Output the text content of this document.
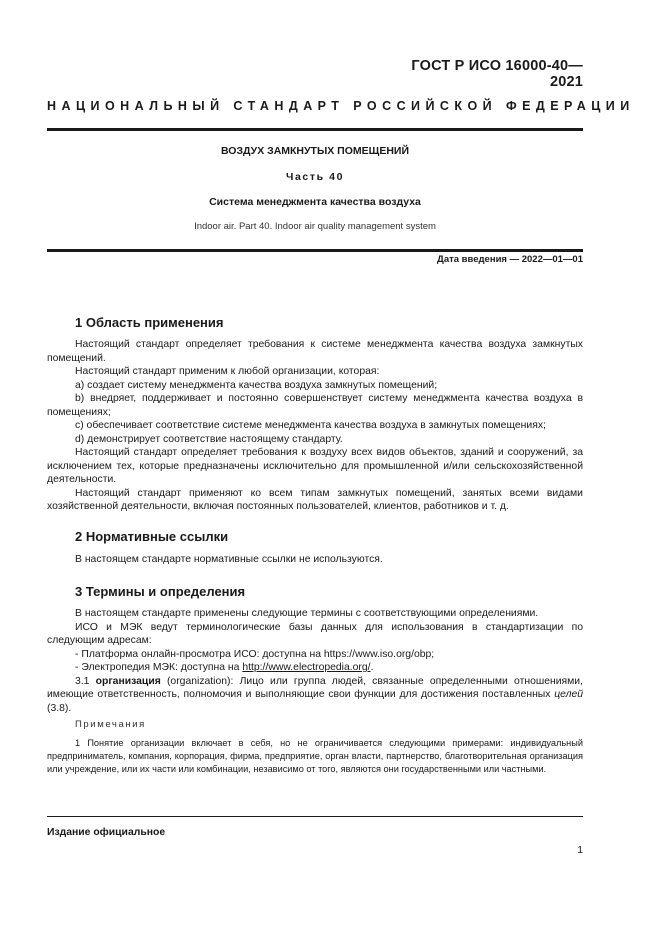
ГОСТ Р ИСО 16000-40—2021
НАЦИОНАЛЬНЫЙ СТАНДАРТ РОССИЙСКОЙ ФЕДЕРАЦИИ
ВОЗДУХ ЗАМКНУТЫХ ПОМЕЩЕНИЙ
Часть 40
Система менеджмента качества воздуха
Indoor air. Part 40. Indoor air quality management system
Дата введения — 2022—01—01
1 Область применения

Настоящий стандарт определяет требования к системе менеджмента качества воздуха замкнутых помещений.

Настоящий стандарт применим к любой организации, которая:

a) создает систему менеджмента качества воздуха замкнутых помещений;

b) внедряет, поддерживает и постоянно совершенствует систему менеджмента качества воздуха в помещениях;

c) обеспечивает соответствие системе менеджмента качества воздуха в замкнутых помещениях;

d) демонстрирует соответствие настоящему стандарту.

Настоящий стандарт определяет требования к воздуху всех видов объектов, зданий и сооружений, за исключением тех, которые предназначены исключительно для промышленной и/или сельскохозяйственной деятельности.

Настоящий стандарт применяют ко всем типам замкнутых помещений, занятых всеми видами хозяйственной деятельности, включая постоянных пользователей, клиентов, работников и т. д.

2 Нормативные ссылки

В настоящем стандарте нормативные ссылки не используются.

3 Термины и определения

В настоящем стандарте применены следующие термины с соответствующими определениями.

ИСО и МЭК ведут терминологические базы данных для использования в стандартизации по следующим адресам:

- Платформа онлайн-просмотра ИСО: доступна на https://www.iso.org/obp;

- Электропедия МЭК: доступна на http://www.electropedia.org/.

3.1 организация (organization): Лицо или группа людей, связанные определенными отношениями, имеющие ответственность, полномочия и выполняющие свои функции для достижения поставленных целей (3.8).

Примечания
1 Понятие организации включает в себя, но не ограничивается следующими примерами: индивидуальный предприниматель, компания, корпорация, фирма, предприятие, орган власти, партнерство, благотворительная организация или учреждение, или их части или комбинации, независимо от того, являются они государственными или частными.
Издание официальное
1
